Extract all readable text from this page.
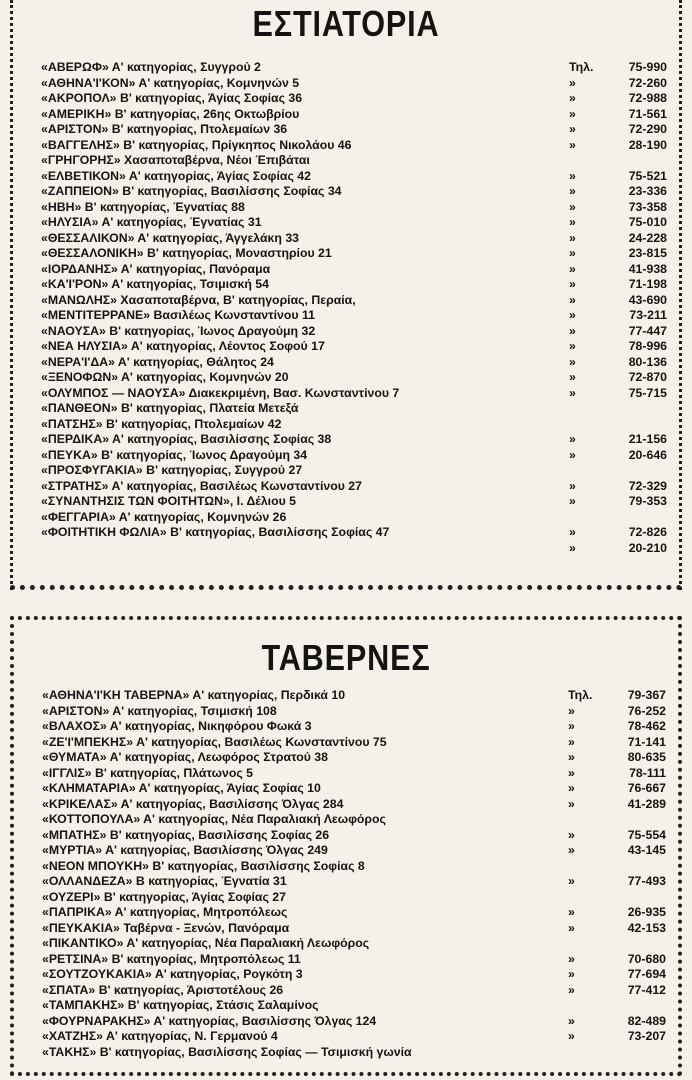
ΕΣΤΙΑΤΟΡΙΑ
«ΑΒΕΡΩΦ» Α' κατηγορίας, Συγγρού 2	Τηλ.	75-990
«ΑΘΗΝΑ'Ι'ΚΟΝ» Α' κατηγορίας, Κομνηνών 5	»	72-260
«ΑΚΡΟΠΟΛ» Β' κατηγορίας, Άγίας Σοφίας 36	»	72-988
«ΑΜΕΡΙΚΗ» Β' κατηγορίας, 26ης Οκτωβρίου	»	71-561
«ΑΡΙΣΤΟΝ» Β' κατηγορίας, Πτολεμαίων 36	»	72-290
«ΒΑΓΓΕΛΗΣ» Β' κατηγορίας, Πρίγκηπος Νικολάου 46	»	28-190
«ΓΡΗΓΟΡΗΣ» Χασαποταβέρνα, Νέοι Έπιβάται
«ΕΛΒΕΤΙΚΟΝ» Α' κατηγορίας, Άγίας Σοφίας 42	»	75-521
«ΖΑΠΠΕΙΟΝ» Β' κατηγορίας, Βασιλίσσης Σοφίας 34	»	23-336
«ΗΒΗ» Β' κατηγορίας, Έγνατίας 88	»	73-358
«ΗΛΥΣΙΑ» Α' κατηγορίας, Έγνατίας 31	»	75-010
«ΘΕΣΣΑΛΙΚΟΝ» Α' κατηγορίας, Άγγελάκη 33	»	24-228
«ΘΕΣΣΑΛΟΝΙΚΗ» Β' κατηγορίας, Μοναστηρίου 21	»	23-815
«ΙΟΡΔΑΝΗΣ» Α' κατηγορίας, Πανόραμα	»	41-938
«ΚΑ'Ι'ΡΟΝ» Α' κατηγορίας, Τσιμισκή 54	»	71-198
«ΜΑΝΩΛΗΣ» Χασαποταβέρνα, Β' κατηγορίας, Περαία,	»	43-690
«ΜΕΝΤΙΤΕΡΡΑΝΕ» Βασιλέως Κωνσταντίνου 11	»	73-211
«ΝΑΟΥΣΑ» Β' κατηγορίας, Ίωνος Δραγούμη 32	»	77-447
«ΝΕΑ ΗΛΥΣΙΑ» Α' κατηγορίας, Λέοντος Σοφού 17	»	78-996
«ΝΕΡΑ'Ι'ΔΑ» Α' κατηγορίας, Θάλητος 24	»	80-136
«ΞΕΝΟΦΩΝ» Α' κατηγορίας, Κομνηνών 20	»	72-870
«ΟΛΥΜΠΟΣ — ΝΑΟΥΣΑ» Διακεκριμένη, Βασ. Κωνσταντίνου 7	»	75-715
«ΠΑΝΘΕΟΝ» Β' κατηγορίας, Πλατεία Μετεξά
«ΠΑΤΣΗΣ» Β' κατηγορίας, Πτολεμαίων 42
«ΠΕΡΔΙΚΑ» Α' κατηγορίας, Βασιλίσσης Σοφίας 38	»	21-156
«ΠΕΥΚΑ» Β' κατηγορίας, Ίωνος Δραγούμη 34	»	20-646
«ΠΡΟΣΦΥΓΑΚΙΑ» Β' κατηγορίας, Συγγρού 27
«ΣΤΡΑΤΗΣ» Α' κατηγορίας, Βασιλέως Κωνσταντίνου 27	»	72-329
«ΣΥΝΑΝΤΗΣΙΣ ΤΩΝ ΦΟΙΤΗΤΩΝ», Ι. Δέλιου 5	»	79-353
«ΦΕΓΓΑΡΙΑ» Α' κατηγορίας, Κομνηνών 26
«ΦΟΙΤΗΤΙΚΗ ΦΩΛΙΑ» Β' κατηγορίας, Βασιλίσσης Σοφίας 47	»	72-826
»	20-210
ΤΑΒΕΡΝΕΣ
«ΑΘΗΝΑ'Ι'ΚΗ ΤΑΒΕΡΝΑ» Α' κατηγορίας, Περδικά 10	Τηλ.	79-367
«ΑΡΙΣΤΟΝ» Α' κατηγορίας, Τσιμισκή 108	»	76-252
«ΒΛΑΧΟΣ» Α' κατηγορίας, Νικηφόρου Φωκά 3	»	78-462
«ΖΕ'Ι'ΜΠΕΚΗΣ» Α' κατηγορίας, Βασιλέως Κωνσταντίνου 75	»	71-141
«ΘΥΜΑΤΑ» Α' κατηγορίας, Λεωφόρος Στρατού 38	»	80-635
«ΙΓΓΛΙΣ» Β' κατηγορίας, Πλάτωνος 5	»	78-111
«ΚΛΗΜΑΤΑΡΙΑ» Α' κατηγορίας, Άγίας Σοφίας 10	»	76-667
«ΚΡΙΚΕΛΑΣ» Α' κατηγορίας, Βασιλίσσης Όλγας 284	»	41-289
«ΚΟΤΤΟΠΟΥΛΑ» Α' κατηγορίας, Νέα Παραλιακή Λεωφόρος
«ΜΠΑΤΗΣ» Β' κατηγορίας, Βασιλίσσης Σοφίας 26	»	75-554
«ΜΥΡΤΙΑ» Α' κατηγορίας, Βασιλίσσης Όλγας 249	»	43-145
«ΝΕΟΝ ΜΠΟΥΚΗ» Β' κατηγορίας, Βασιλίσσης Σοφίας 8
«ΟΛΛΑΝΔΕΖΑ» Β κατηγορίας, Έγνατία 31	»	77-493
«ΟΥΖΕΡΙ» Β' κατηγορίας, Άγίας Σοφίας 27
«ΠΑΠΡΙΚΑ» Α' κατηγορίας, Μητροπόλεως	»	26-935
«ΠΕΥΚΑΚΙΑ» Ταβέρνα - Ξενών, Πανόραμα	»	42-153
«ΠΙΚΑΝΤΙΚΟ» Α' κατηγορίας, Νέα Παραλιακή Λεωφόρος
«ΡΕΤΣΙΝΑ» Β' κατηγορίας, Μητροπόλεως 11	»	70-680
«ΣΟΥΤΖΟΥΚΑΚΙΑ» Α' κατηγορίας, Ρογκότη 3	»	77-694
«ΣΠΑΤΑ» Β' κατηγορίας, Άριστοτέλους 26	»	77-412
«ΤΑΜΠΑΚΗΣ» Β' κατηγορίας, Στάσις Σαλαμίνος
«ΦΟΥΡΝΑΡΑΚΗΣ» Α' κατηγορίας, Βασιλίσσης Όλγας 124	»	82-489
«ΧΑΤΖΗΣ» Α' κατηγορίας, Ν. Γερμανού 4	»	73-207
«ΤΑΚΗΣ» Β' κατηγορίας, Βασιλίσσης Σοφίας — Τσιμισκή γωνία
